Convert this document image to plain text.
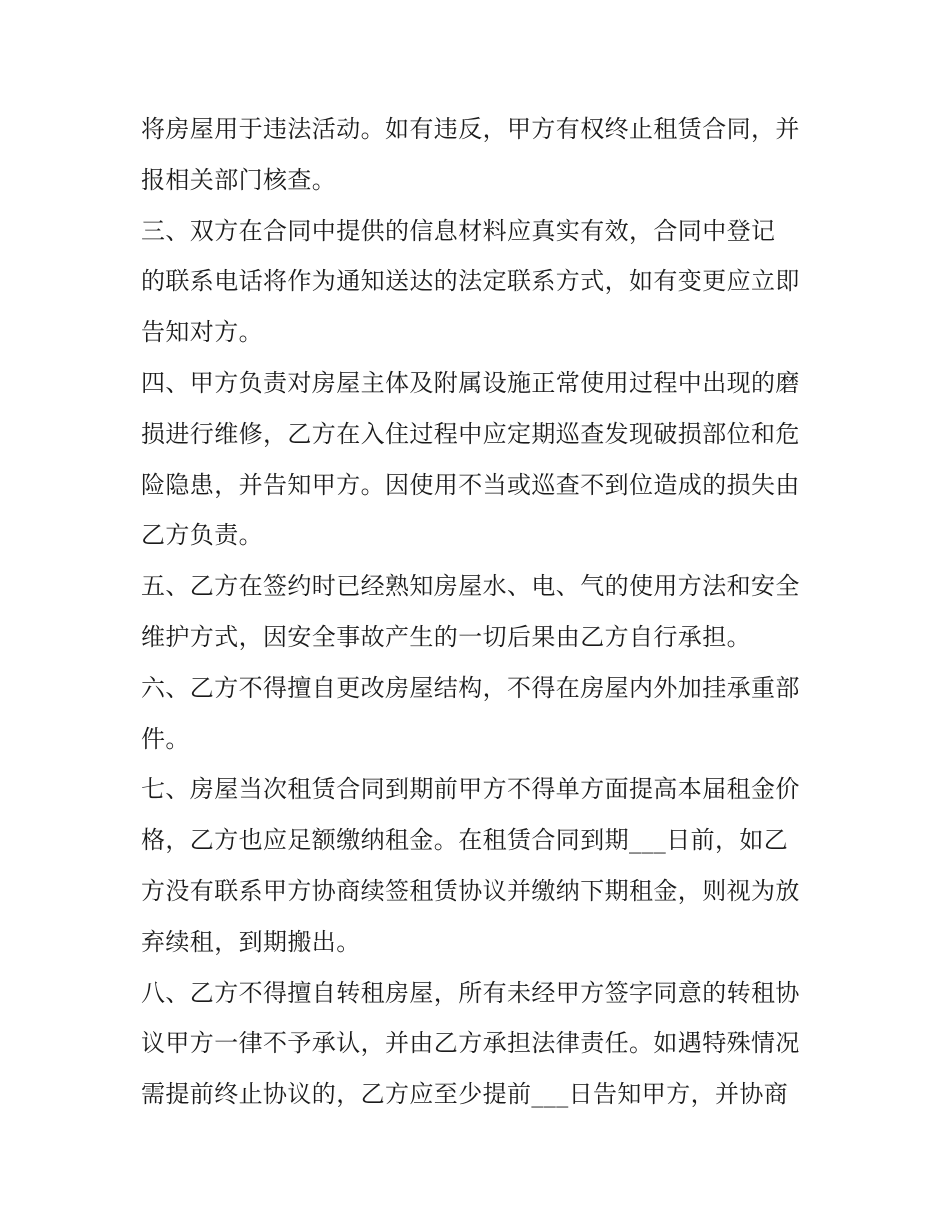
将房屋用于违法活动。如有违反，甲方有权终止租赁合同，并
报相关部门核查。
三、双方在合同中提供的信息材料应真实有效，合同中登记
的联系电话将作为通知送达的法定联系方式，如有变更应立即
告知对方。
四、甲方负责对房屋主体及附属设施正常使用过程中出现的磨
损进行维修，乙方在入住过程中应定期巡查发现破损部位和危
险隐患，并告知甲方。因使用不当或巡查不到位造成的损失由
乙方负责。
五、乙方在签约时已经熟知房屋水、电、气的使用方法和安全
维护方式，因安全事故产生的一切后果由乙方自行承担。
六、乙方不得擅自更改房屋结构，不得在房屋内外加挂承重部
件。
七、房屋当次租赁合同到期前甲方不得单方面提高本届租金价
格，乙方也应足额缴纳租金。在租赁合同到期___日前，如乙
方没有联系甲方协商续签租赁协议并缴纳下期租金，则视为放
弃续租，到期搬出。
八、乙方不得擅自转租房屋，所有未经甲方签字同意的转租协
议甲方一律不予承认，并由乙方承担法律责任。如遇特殊情况
需提前终止协议的，乙方应至少提前___日告知甲方，并协商
